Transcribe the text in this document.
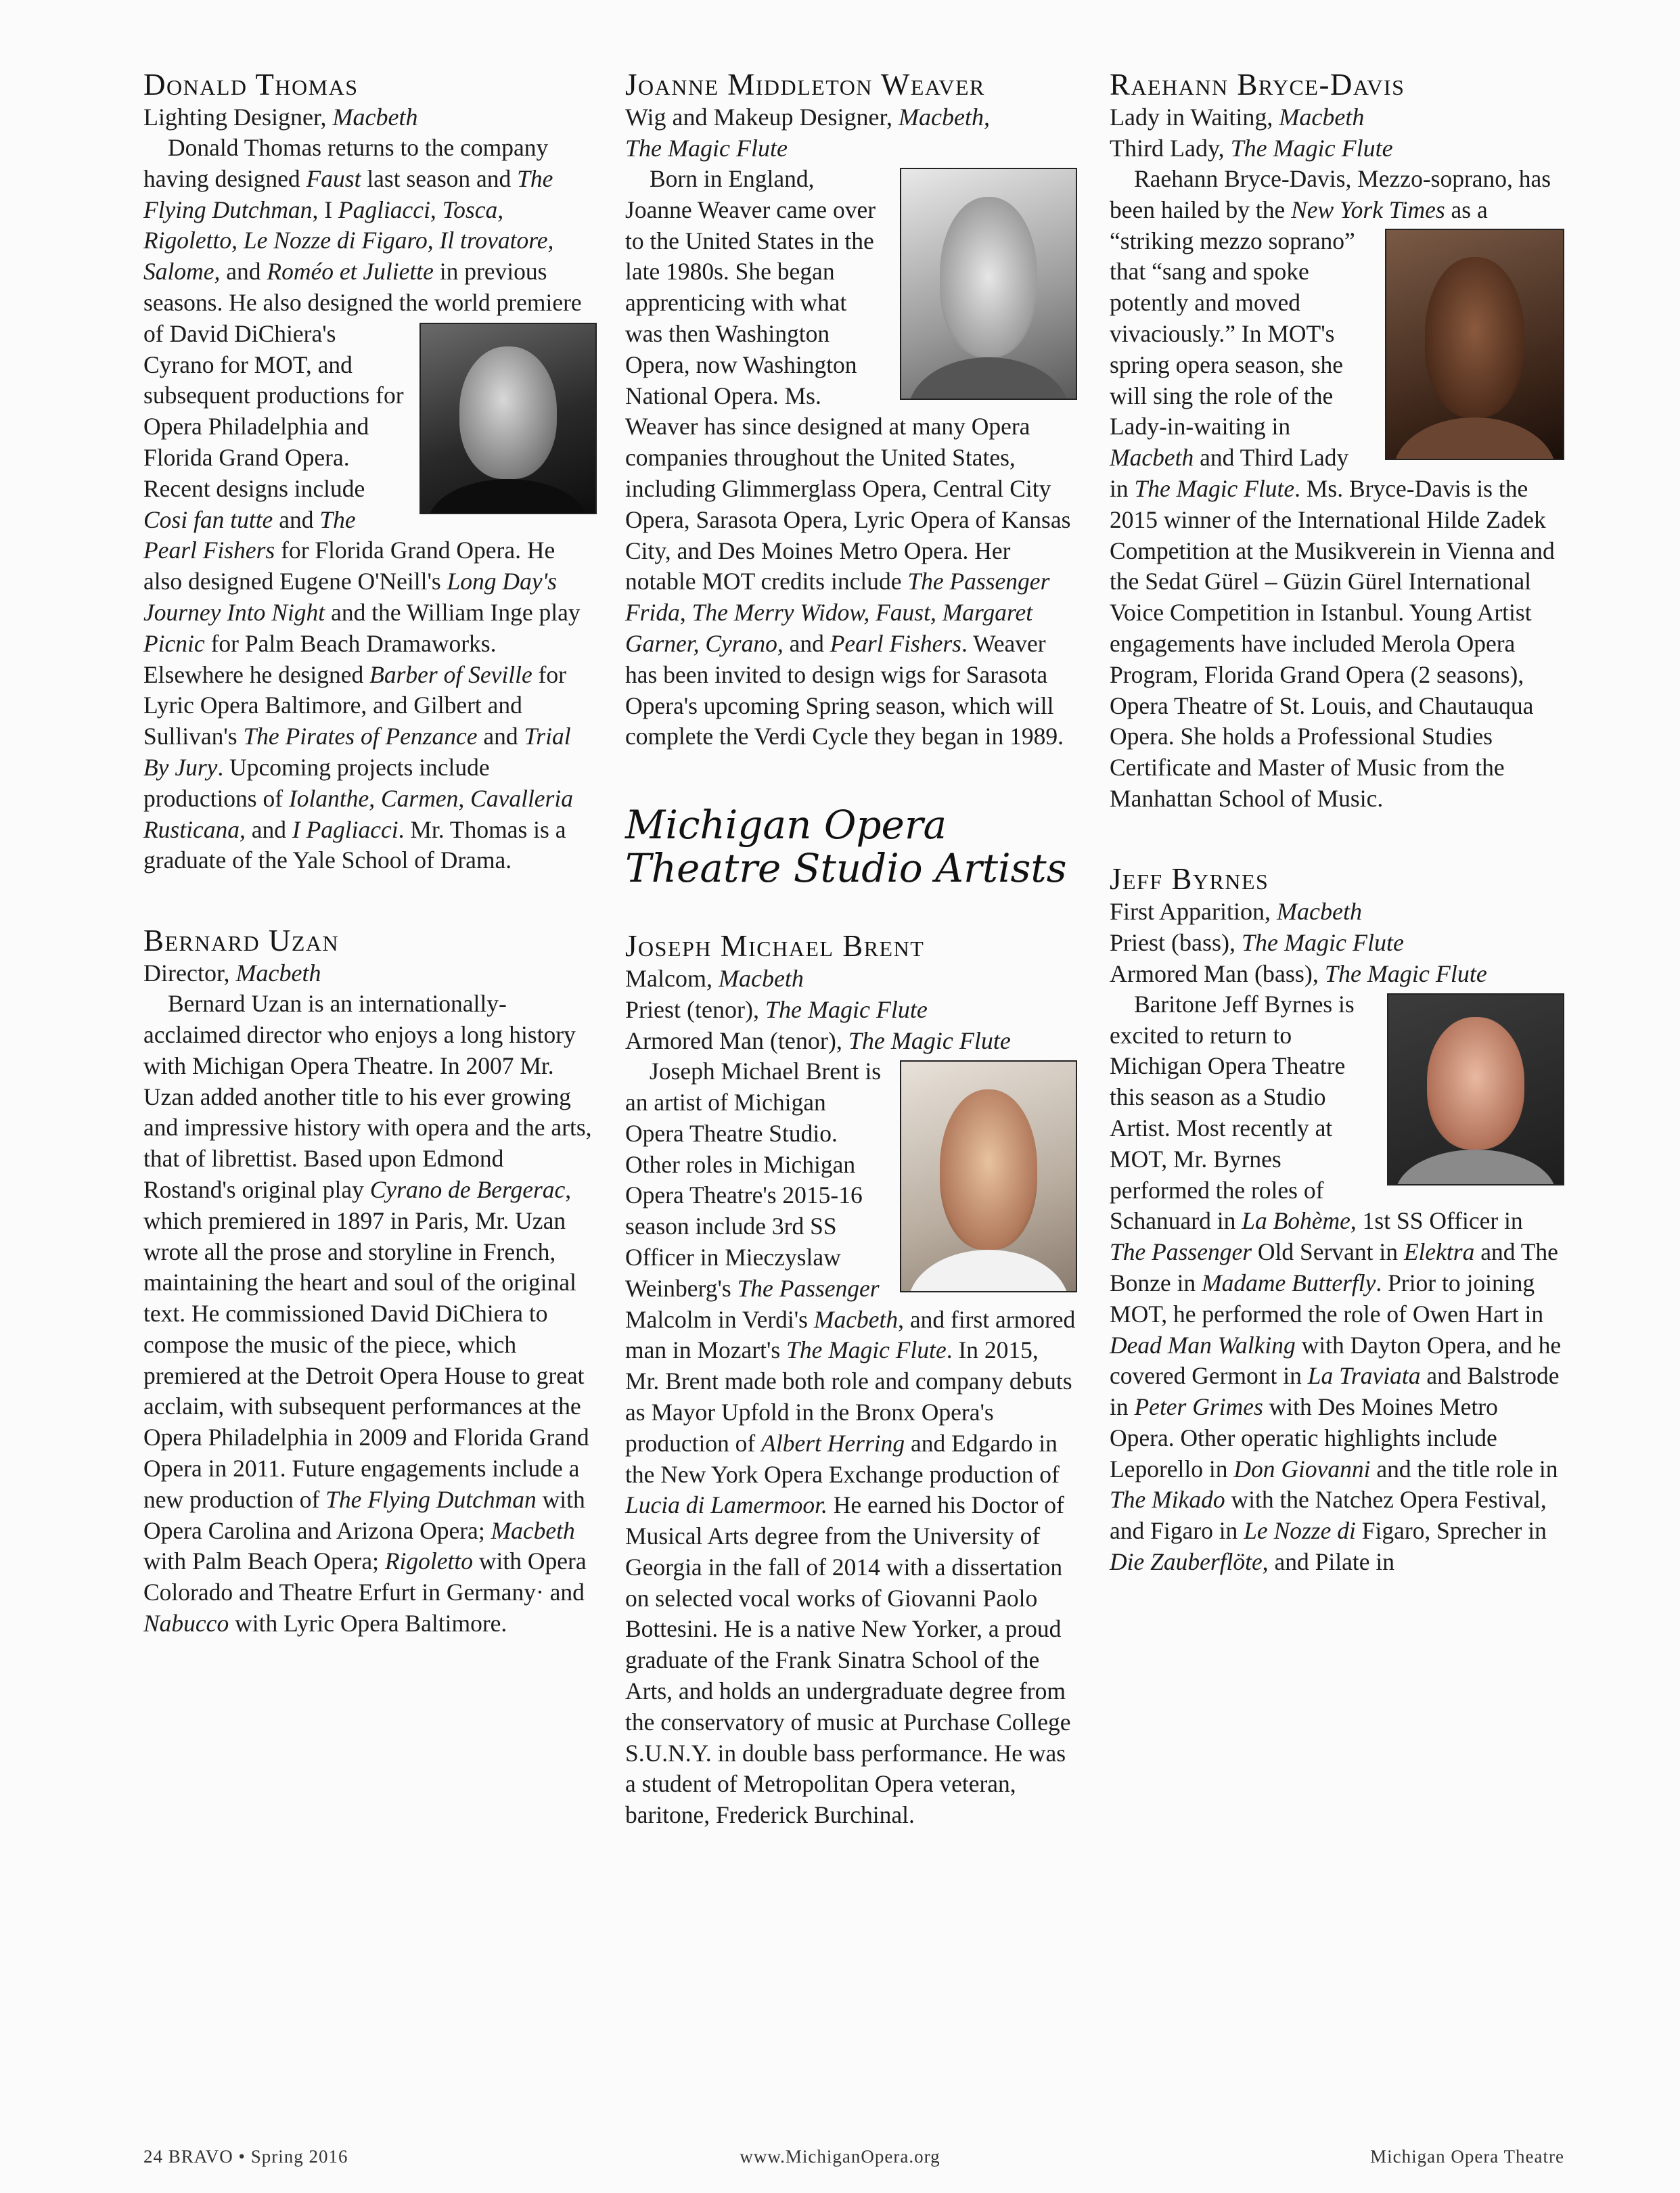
Donald Thomas

Lighting Designer, Macbeth

Donald Thomas returns to the company having designed Faust last season and The Flying Dutchman, I Pagliacci, Tosca, Rigoletto, Le Nozze di Figaro, Il trovatore, Salome, and Roméo et Juliette in previous seasons. He also designed the world premiere of David DiChiera's
Cyrano for MOT, and subsequent productions for Opera Philadelphia and Florida Grand Opera. Recent designs include Cosi fan tutte and The Pearl Fishers for Florida Grand Opera. He also designed Eugene O'Neill's Long Day's Journey Into Night and the William Inge play Picnic for Palm Beach Dramaworks. Elsewhere he designed Barber of Seville for Lyric Opera Baltimore, and Gilbert and Sullivan's The Pirates of Penzance and Trial By Jury. Upcoming projects include productions of Iolanthe, Carmen, Cavalleria Rusticana, and I Pagliacci. Mr. Thomas is a graduate of the Yale School of Drama.

Bernard Uzan

Director, Macbeth

Bernard Uzan is an internationally-acclaimed director who enjoys a long history with Michigan Opera Theatre. In 2007 Mr. Uzan added another title to his ever growing and impressive history with opera and the arts, that of librettist. Based upon Edmond Rostand's original play Cyrano de Bergerac, which premiered in 1897 in Paris, Mr. Uzan wrote all the prose and storyline in French, maintaining the heart and soul of the original text. He commissioned David DiChiera to compose the music of the piece, which premiered at the Detroit Opera House to great acclaim, with subsequent performances at the Opera Philadelphia in 2009 and Florida Grand Opera in 2011. Future engagements include a new production of The Flying Dutchman with Opera Carolina and Arizona Opera; Macbeth with Palm Beach Opera; Rigoletto with Opera Colorado and Theatre Erfurt in Germany· and Nabucco with Lyric Opera Baltimore.

Joanne Middleton Weaver

Wig and Makeup Designer, Macbeth,
The Magic Flute

Born in England, Joanne Weaver came over to the United States in the late 1980s. She began apprenticing with what was then Washington Opera, now Washington National Opera. Ms. Weaver has since designed at many Opera companies throughout the United States, including Glimmerglass Opera, Central City Opera, Sarasota Opera, Lyric Opera of Kansas City, and Des Moines Metro Opera. Her notable MOT credits include The Passenger Frida, The Merry Widow, Faust, Margaret Garner, Cyrano, and Pearl Fishers. Weaver has been invited to design wigs for Sarasota Opera's upcoming Spring season, which will complete the Verdi Cycle they began in 1989.

Michigan Opera Theatre Studio Artists
Joseph Michael Brent

Malcom, Macbeth
Priest (tenor), The Magic Flute
Armored Man (tenor), The Magic Flute

Joseph Michael Brent is an artist of Michigan Opera Theatre Studio. Other roles in Michigan Opera Theatre's 2015-16 season include 3rd SS Officer in Mieczyslaw Weinberg's The Passenger Malcolm in Verdi's Macbeth, and first armored man in Mozart's The Magic Flute. In 2015, Mr. Brent made both role and company debuts as Mayor Upfold in the Bronx Opera's production of Albert Herring and Edgardo in the New York Opera Exchange production of Lucia di Lamermoor. He earned his Doctor of Musical Arts degree from the University of Georgia in the fall of 2014 with a dissertation on selected vocal works of Giovanni Paolo Bottesini. He is a native New Yorker, a proud graduate of the Frank Sinatra School of the Arts, and holds an undergraduate degree from the conservatory of music at Purchase College S.U.N.Y. in double bass performance. He was a student of Metropolitan Opera veteran, baritone, Frederick Burchinal.

Raehann Bryce-Davis

Lady in Waiting, Macbeth
Third Lady, The Magic Flute

Raehann Bryce-Davis, Mezzo-soprano, has been hailed by the New York Times
as a “striking mezzo soprano” that “sang and spoke potently and moved vivaciously.” In MOT's spring opera season, she will sing the role of the Lady-in-waiting in Macbeth and Third Lady in The Magic Flute. Ms. Bryce-Davis is the 2015 winner of the International Hilde Zadek Competition at the Musikverein in Vienna and the Sedat Gürel – Güzin Gürel International Voice Competition in Istanbul. Young Artist engagements have included Merola Opera Program, Florida Grand Opera (2 seasons), Opera Theatre of St. Louis, and Chautauqua Opera. She holds a Professional Studies Certificate and Master of Music from the Manhattan School of Music.

Jeff Byrnes

First Apparition, Macbeth
Priest (bass), The Magic Flute
Armored Man (bass), The Magic Flute

Baritone Jeff Byrnes is excited to return to Michigan Opera Theatre this season as a Studio Artist. Most recently at MOT, Mr. Byrnes performed the roles of Schanuard in La Bohème, 1st SS Officer in The Passenger Old Servant in Elektra and The Bonze in Madame Butterfly. Prior to joining MOT, he performed the role of Owen Hart in Dead Man Walking with Dayton Opera, and he covered Germont in La Traviata and Balstrode in Peter Grimes with Des Moines Metro Opera. Other operatic highlights include Leporello in Don Giovanni and the title role in The Mikado with the Natchez Opera Festival, and Figaro in Le Nozze di Figaro, Sprecher in Die Zauberflöte, and Pilate in

24 BRAVO • Spring 2016	www.MichiganOpera.org	Michigan Opera Theatre
